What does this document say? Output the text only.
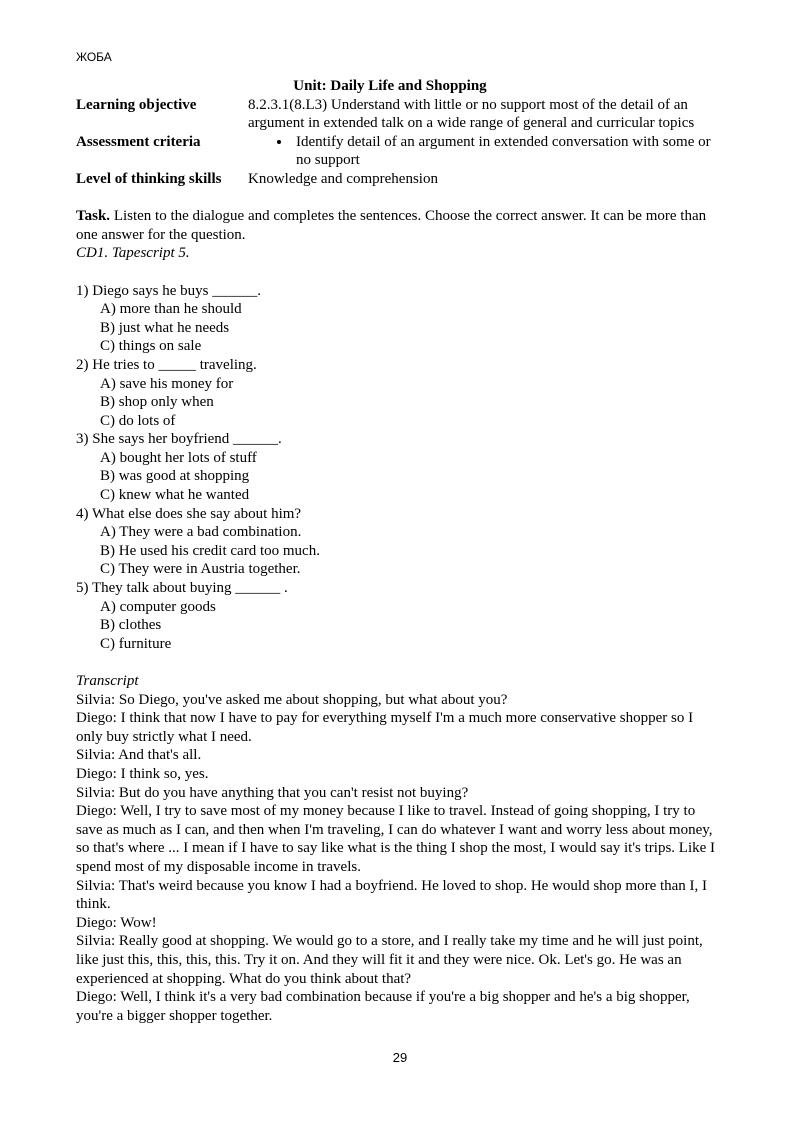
ЖОБА
Unit: Daily Life and Shopping
Learning objective	8.2.3.1(8.L3) Understand with little or no support most of the detail of an argument in extended talk on a wide range of general and curricular topics
Assessment criteria
•	Identify detail of an argument in extended conversation with some or no support
Level of thinking skills	Knowledge and comprehension
Task. Listen to the dialogue and completes the sentences. Choose the correct answer. It can be more than one answer for the question.
CD1. Tapescript 5.
1) Diego says he buys ______.
A) more than he should
B) just what he needs
C) things on sale
2) He tries to _____ traveling.
A) save his money for
B) shop only when
C) do lots of
3) She says her boyfriend ______.
A) bought her lots of stuff
B) was good at shopping
C) knew what he wanted
4) What else does she say about him?
A) They were a bad combination.
B) He used his credit card too much.
C) They were in Austria together.
5) They talk about buying ______ .
A) computer goods
B) clothes
C) furniture
Transcript
Silvia: So Diego, you've asked me about shopping, but what about you?
Diego: I think that now I have to pay for everything myself I'm a much more conservative shopper so I only buy strictly what I need.
Silvia: And that's all.
Diego: I think so, yes.
Silvia: But do you have anything that you can't resist not buying?
Diego: Well, I try to save most of my money because I like to travel. Instead of going shopping, I try to save as much as I can, and then when I'm traveling, I can do whatever I want and worry less about money, so that's where ... I mean if I have to say like what is the thing I shop the most, I would say it's trips. Like I spend most of my disposable income in travels.
Silvia: That's weird because you know I had a boyfriend. He loved to shop. He would shop more than I, I think.
Diego: Wow!
Silvia: Really good at shopping. We would go to a store, and I really take my time and he will just point, like just this, this, this, this. Try it on. And they will fit it and they were nice. Ok. Let's go. He was an experienced at shopping. What do you think about that?
Diego: Well, I think it's a very bad combination because if you're a big shopper and he's a big shopper, you're a bigger shopper together.
29
